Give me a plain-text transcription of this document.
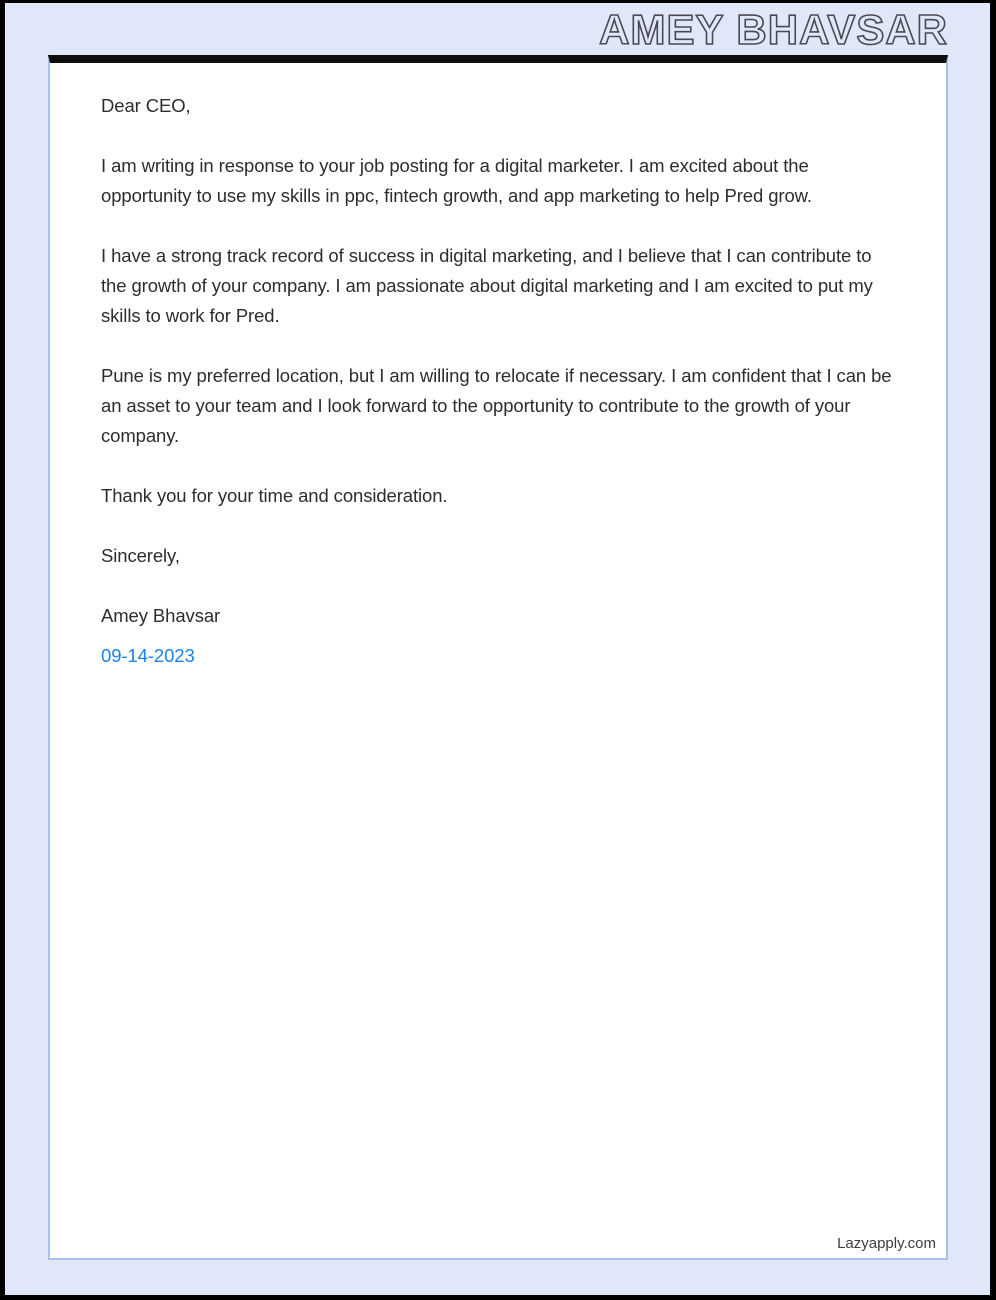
AMEY BHAVSAR

Dear CEO,

I am writing in response to your job posting for a digital marketer. I am excited about the opportunity to use my skills in ppc, fintech growth, and app marketing to help Pred grow.

I have a strong track record of success in digital marketing, and I believe that I can contribute to the growth of your company. I am passionate about digital marketing and I am excited to put my skills to work for Pred.

Pune is my preferred location, but I am willing to relocate if necessary. I am confident that I can be an asset to your team and I look forward to the opportunity to contribute to the growth of your company.

Thank you for your time and consideration.

Sincerely,

Amey Bhavsar

09-14-2023

Lazyapply.com
